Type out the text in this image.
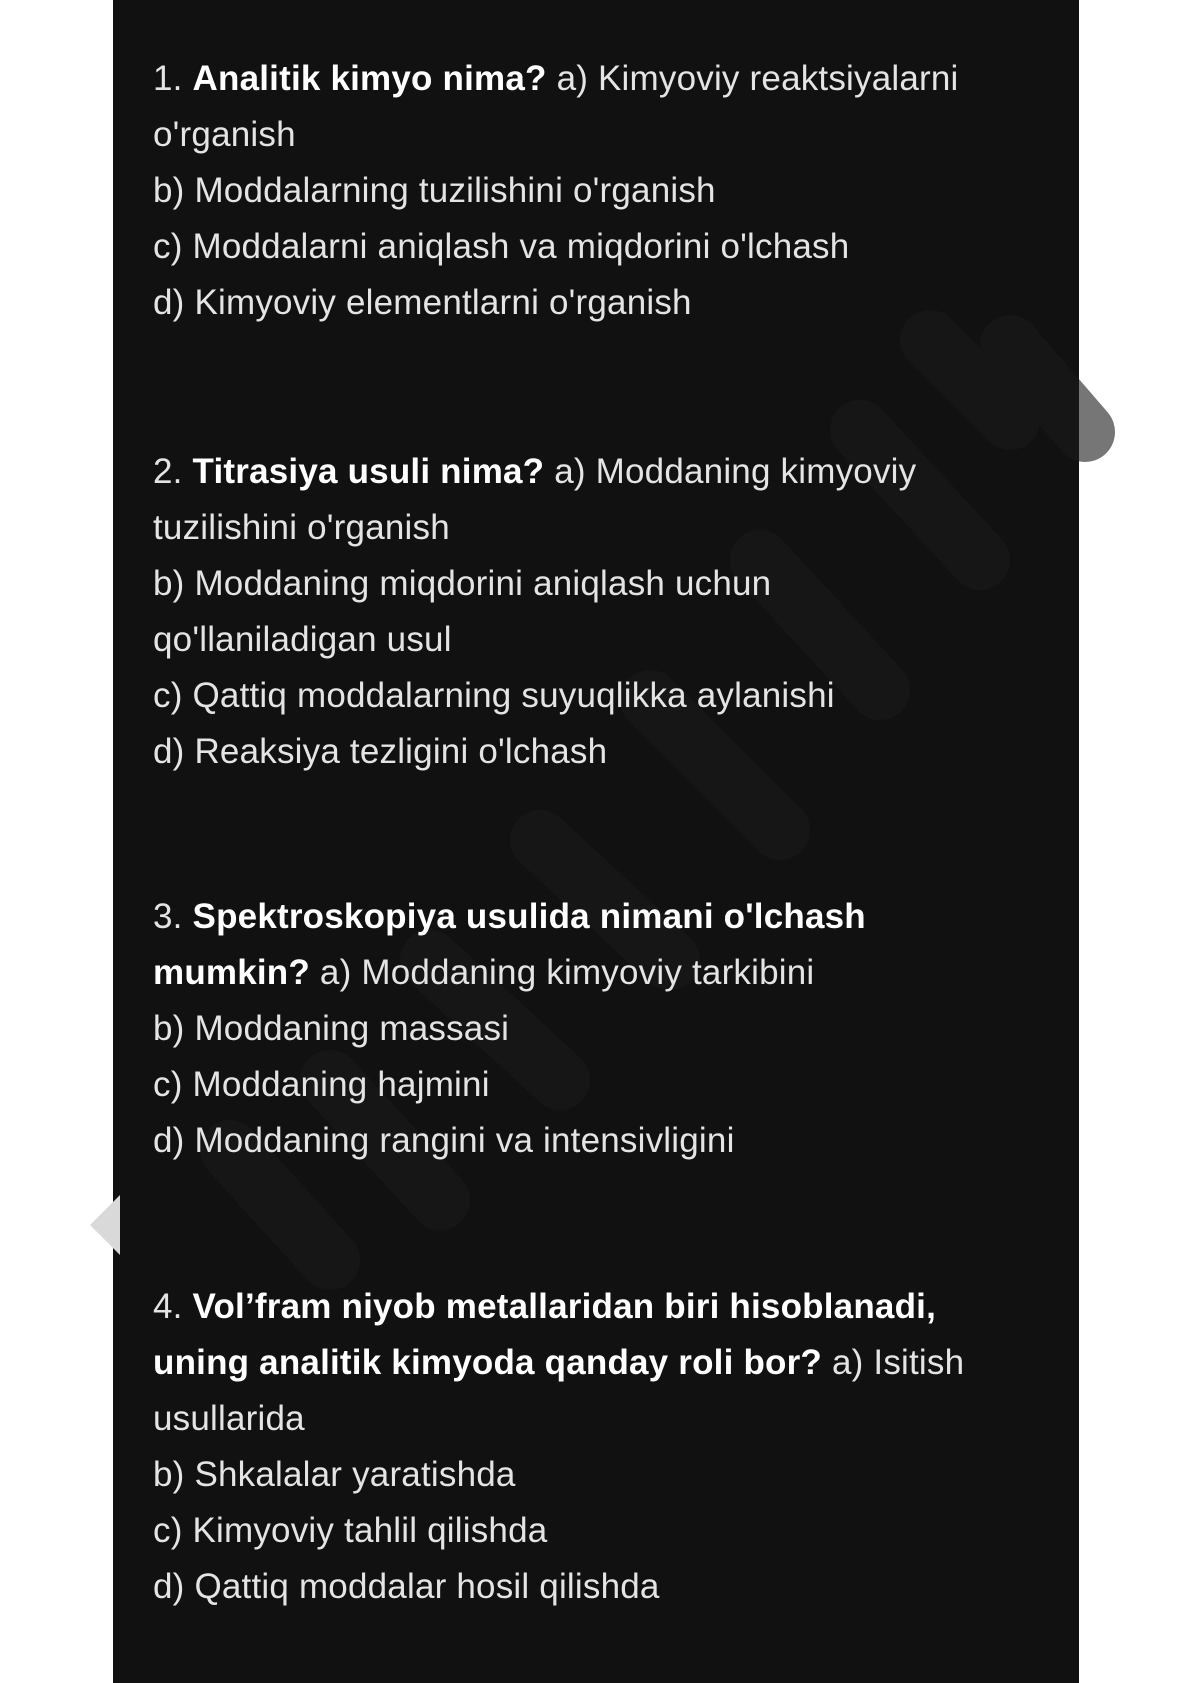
1. Analitik kimyo nima? a) Kimyoviy reaktsiyalarni
o'rganish
b) Moddalarning tuzilishini o'rganish
c) Moddalarni aniqlash va miqdorini o'lchash
d) Kimyoviy elementlarni o'rganish
2. Titrasiya usuli nima? a) Moddaning kimyoviy
tuzilishini o'rganish
b) Moddaning miqdorini aniqlash uchun
qo'llaniladigan usul
c) Qattiq moddalarning suyuqlikka aylanishi
d) Reaksiya tezligini o'lchash
3. Spektroskopiya usulida nimani o'lchash
mumkin? a) Moddaning kimyoviy tarkibini
b) Moddaning massasi
c) Moddaning hajmini
d) Moddaning rangini va intensivligini
4. Vol’fram niyob metallaridan biri hisoblanadi,
uning analitik kimyoda qanday roli bor? a) Isitish
usullarida
b) Shkalalar yaratishda
c) Kimyoviy tahlil qilishda
d) Qattiq moddalar hosil qilishda
